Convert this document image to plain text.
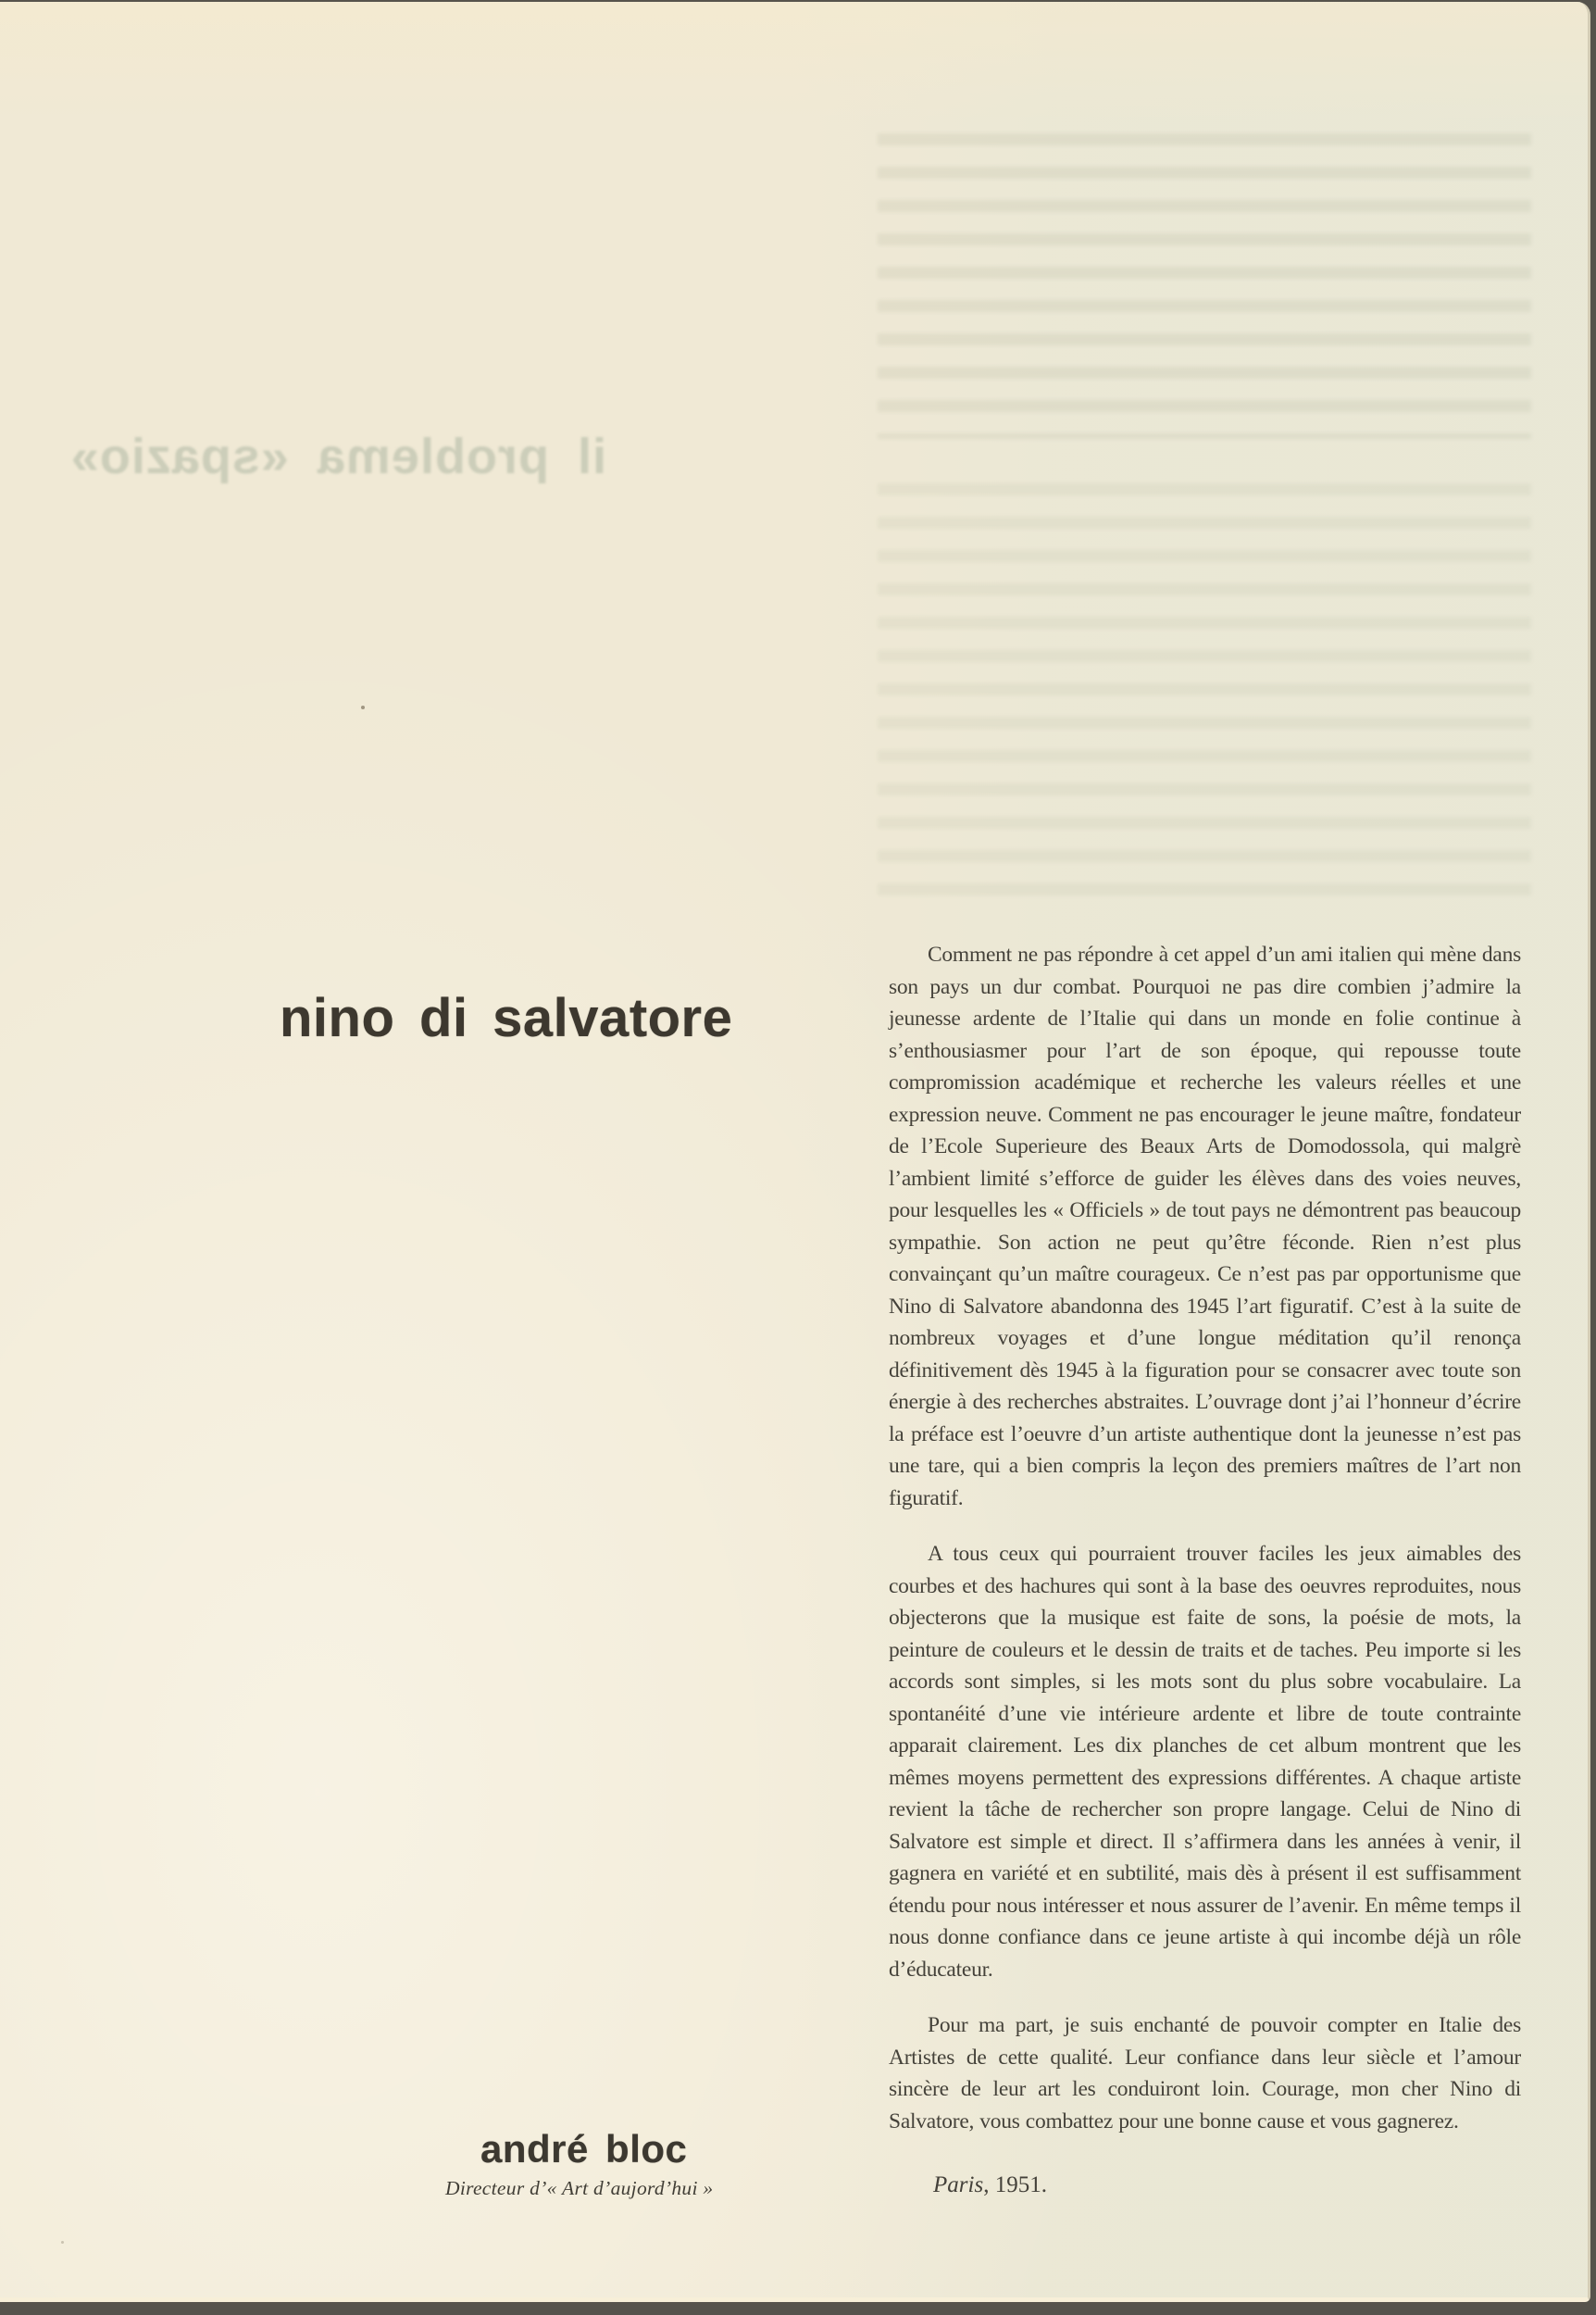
il problema «spazio»
nino di salvatore

Comment ne pas répondre à cet appel d’un ami italien qui mène dans son pays un dur combat. Pourquoi ne pas dire combien j’admire la jeunesse ardente de l’Italie qui dans un monde en folie continue à s’enthousiasmer pour l’art de son époque, qui repousse toute compromission académique et recherche les valeurs réelles et une expression neuve. Comment ne pas encourager le jeune maître, fondateur de l’Ecole Superieure des Beaux Arts de Domodossola, qui malgrè l’ambient limité s’efforce de guider les élèves dans des voies neuves, pour lesquelles les « Officiels » de tout pays ne démontrent pas beaucoup sympathie. Son action ne peut qu’être féconde. Rien n’est plus convainçant qu’un maître courageux. Ce n’est pas par opportunisme que Nino di Salvatore abandonna des 1945 l’art figuratif. C’est à la suite de nombreux voyages et d’une longue méditation qu’il renonça définitivement dès 1945 à la figuration pour se consacrer avec toute son énergie à des recherches abstraites. L’ouvrage dont j’ai l’honneur d’écrire la préface est l’oeuvre d’un artiste authentique dont la jeunesse n’est pas une tare, qui a bien compris la leçon des premiers maîtres de l’art non figuratif.

A tous ceux qui pourraient trouver faciles les jeux aimables des courbes et des hachures qui sont à la base des oeuvres reproduites, nous objecterons que la musique est faite de sons, la poésie de mots, la peinture de couleurs et le dessin de traits et de taches. Peu importe si les accords sont simples, si les mots sont du plus sobre vocabulaire. La spontanéité d’une vie intérieure ardente et libre de toute contrainte apparait clairement. Les dix planches de cet album montrent que les mêmes moyens permettent des expressions différentes. A chaque artiste revient la tâche de rechercher son propre langage. Celui de Nino di Salvatore est simple et direct. Il s’affirmera dans les années à venir, il gagnera en variété et en subtilité, mais dès à présent il est suffisamment étendu pour nous intéresser et nous assurer de l’avenir. En même temps il nous donne confiance dans ce jeune artiste à qui incombe déjà un rôle d’éducateur.

Pour ma part, je suis enchanté de pouvoir compter en Italie des Artistes de cette qualité. Leur confiance dans leur siècle et l’amour sincère de leur art les conduiront loin. Courage, mon cher Nino di Salvatore, vous combattez pour une bonne cause et vous gagnerez.

andré bloc
Directeur d’« Art d’aujord’hui »	Paris, 1951.
